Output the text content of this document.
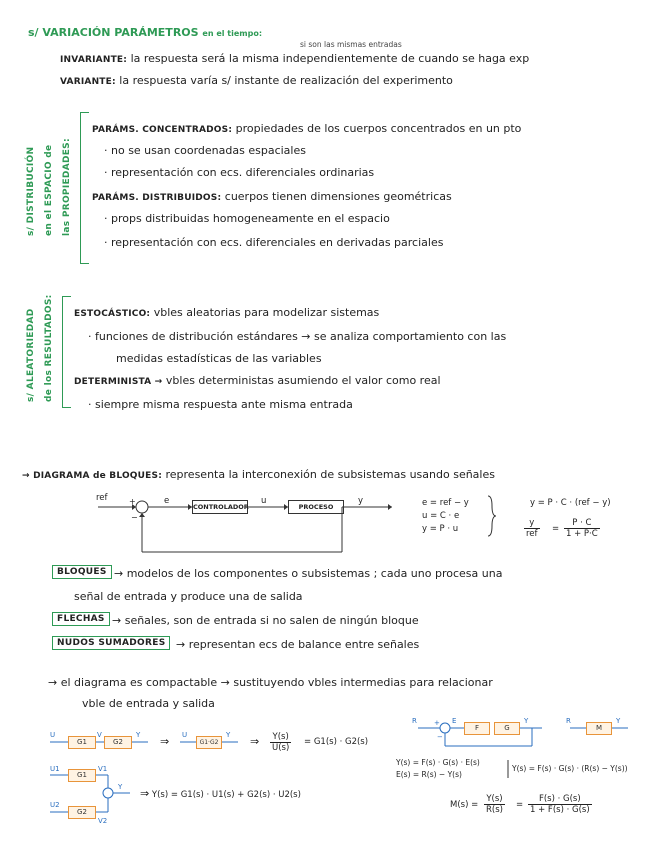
s/ VARIACIÓN PARÁMETROS en el tiempo:
si son las mismas entradas
INVARIANTE: la respuesta será la misma independientemente de cuando se haga exp
VARIANTE: la respuesta varía s/ instante de realización del experimento
s/ DISTRIBUCIÓN en el ESPACIO de las PROPIEDADES:
PARÁMS. CONCENTRADOS: propiedades de los cuerpos concentrados en un pto
· no se usan coordenadas espaciales
· representación con ecs. diferenciales ordinarias
PARÁMS. DISTRIBUIDOS: cuerpos tienen dimensiones geométricas
· props distribuidas homogeneamente en el espacio
· representación con ecs. diferenciales en derivadas parciales
s/ ALEATORIEDAD de los RESULTADOS: ESTOCÁSTICO: vbles aleatorias para modelizar sistemas
· funciones de distribución estándares → se analiza comportamiento con las
medidas estadísticas de las variables
DETERMINISTA → vbles deterministas asumiendo el valor como real
· siempre misma respuesta ante misma entrada
→ DIAGRAMA de BLOQUES: representa la interconexión de subsistemas usando señales
ref	e	u	y
+
−
CONTROLADOR	PROCESO	e = ref − y
u = C · e
y = P · u
y = P · C · (ref − y)
y
ref = $\frac{P \cdot C}{1 + P\cdot C}$
BLOQUES → modelos de los componentes o subsistemas ; cada uno procesa una
señal de entrada y produce una de salida
FLECHAS → señales, son de entrada si no salen de ningún bloque
NUDOS SUMADORES → representan ecs de balance entre señales
→ el diagrama es compactable → sustituyendo vbles intermedias para relacionar
vble de entrada y salida
U
G1
V
G2
Y ⇒ U
G1·G2
Y ⇒ $\frac{Y(s)}{U(s)} = G1(s) \cdot G2(s)$
U1
G1
V1
U2
G2
V2
Y ⇒ Y(s) = G1(s) · U1(s) + G2(s) · U2(s)
R +
−
E
F	G
Y	R
M
Y
Y(s) = F(s) · G(s) · E(s)
E(s) = R(s) − Y(s)
Y(s) = F(s) · G(s) · (R(s) − Y(s))
$M(s) = \frac{Y(s)}{R(s)} = \frac{F(s) \cdot G(s)}{1 + F(s) \cdot G(s)}$
